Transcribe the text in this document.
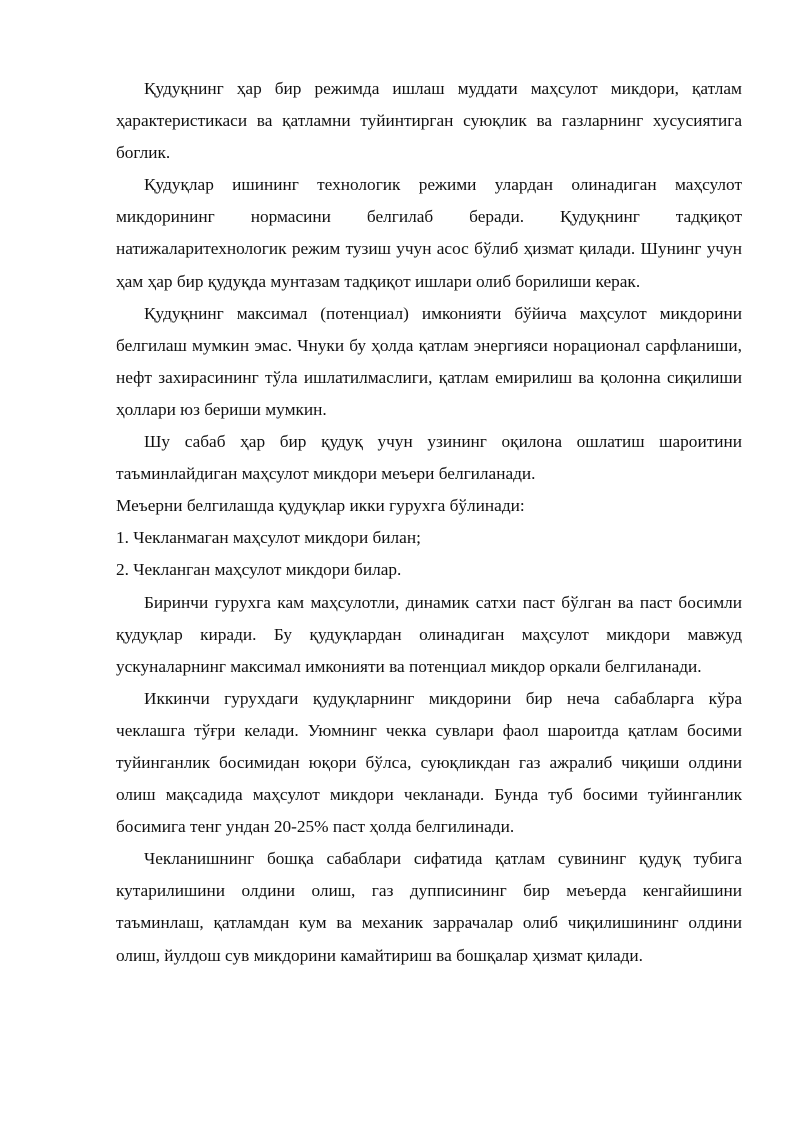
Қудуқнинг ҳар бир режимда ишлаш муддати маҳсулот микдори, қатлам ҳарактеристикаси ва қатламни туйинтирган суюқлик ва газларнинг хусусиятига боглик.

Қудуқлар ишининг технологик режими улардан олинадиган маҳсулот микдорининг нормасини белгилаб беради. Қудуқнинг тадқиқот натижаларитехнологик режим тузиш учун асос бўлиб ҳизмат қилади. Шунинг учун ҳам ҳар бир қудуқда мунтазам тадқиқот ишлари олиб борилиши керак.

Қудуқнинг максимал (потенциал) имконияти бўйича маҳсулот микдорини белгилаш мумкин эмас. Чнуки бу ҳолда қатлам энергияси норационал сарфланиши, нефт захирасининг тўла ишлатилмаслиги, қатлам емирилиш ва қолонна сиқилиши ҳоллари юз бериши мумкин.

Шу сабаб ҳар бир қудуқ учун узининг оқилона ошлатиш шароитини таъминлайдиган маҳсулот микдори меъери белгиланади.

Меъерни белгилашда қудуқлар икки гурухга бўлинади:

1. Чекланмаган маҳсулот микдори билан;

2. Чекланган маҳсулот микдори билар.

Биринчи гурухга кам маҳсулотли, динамик сатхи паст бўлган ва паст босимли қудуқлар киради. Бу қудуқлардан олинадиган маҳсулот микдори мавжуд ускуналарнинг максимал имконияти ва потенциал микдор оркали белгиланади.

Иккинчи гурухдаги қудуқларнинг микдорини бир неча сабабларга кўра чеклашга тўғри келади. Уюмнинг чекка сувлари фаол шароитда қатлам босими туйинганлик босимидан юқори бўлса, суюқликдан газ ажралиб чиқиши олдини олиш мақсадида маҳсулот микдори чекланади. Бунда туб босими туйинганлик босимига тенг ундан 20-25% паст ҳолда белгилинади.

Чекланишнинг бошқа сабаблари сифатида қатлам сувининг қудуқ тубига кутарилишини олдини олиш, газ дупписининг бир меъерда кенгайишини таъминлаш, қатламдан кум ва механик заррачалар олиб чиқилишининг олдини олиш, йулдош сув микдорини камайтириш ва бошқалар ҳизмат қилади.
